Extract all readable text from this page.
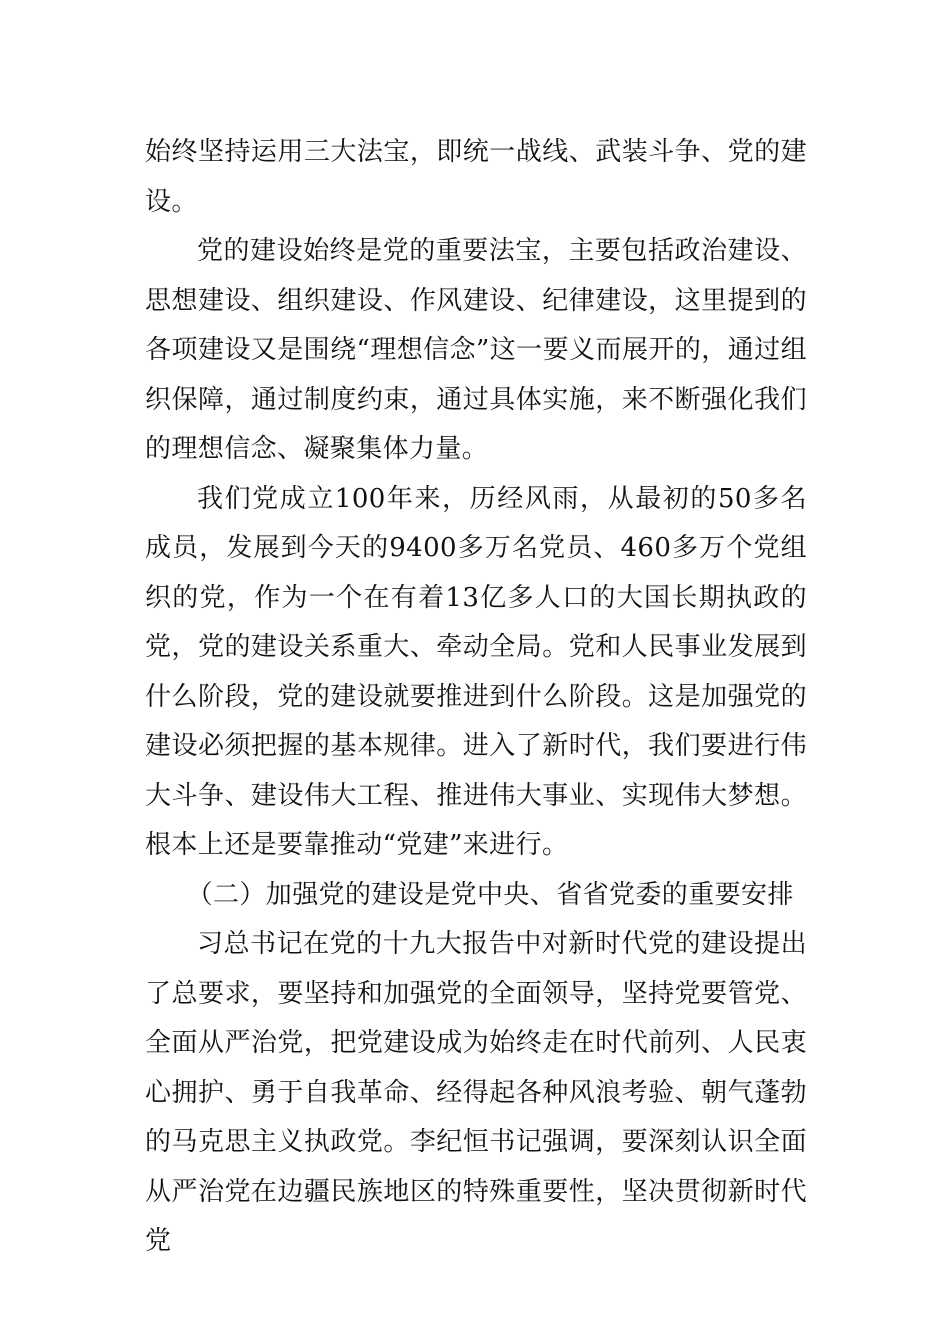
始终坚持运用三大法宝，即统一战线、武装斗争、党的建设。

党的建设始终是党的重要法宝，主要包括政治建设、思想建设、组织建设、作风建设、纪律建设，这里提到的各项建设又是围绕“理想信念”这一要义而展开的，通过组织保障，通过制度约束，通过具体实施，来不断强化我们的理想信念、凝聚集体力量。

我们党成立100年来，历经风雨，从最初的50多名成员，发展到今天的9400多万名党员、460多万个党组织的党，作为一个在有着13亿多人口的大国长期执政的党，党的建设关系重大、牵动全局。党和人民事业发展到什么阶段，党的建设就要推进到什么阶段。这是加强党的建设必须把握的基本规律。进入了新时代，我们要进行伟大斗争、建设伟大工程、推进伟大事业、实现伟大梦想。根本上还是要靠推动“党建”来进行。

（二）加强党的建设是党中央、省省党委的重要安排

习总书记在党的十九大报告中对新时代党的建设提出了总要求，要坚持和加强党的全面领导，坚持党要管党、全面从严治党，把党建设成为始终走在时代前列、人民衷心拥护、勇于自我革命、经得起各种风浪考验、朝气蓬勃的马克思主义执政党。李纪恒书记强调，要深刻认识全面从严治党在边疆民族地区的特殊重要性，坚决贯彻新时代党
